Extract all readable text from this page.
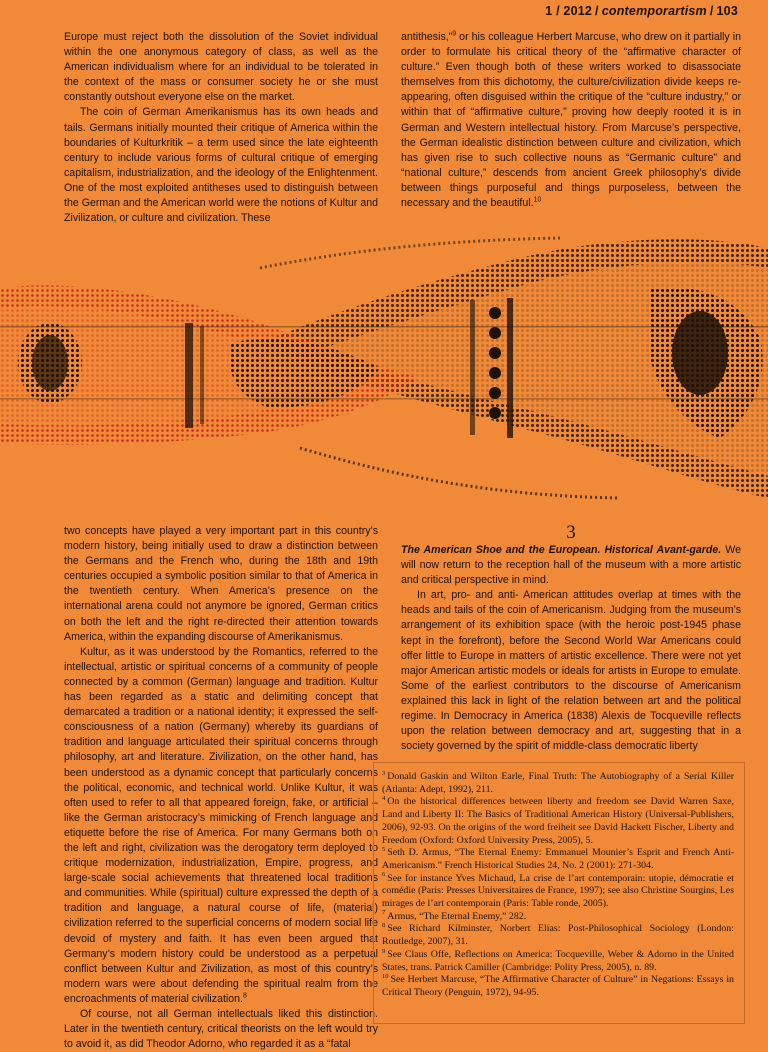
1 / 2012 / contemporartism / 103

Europe must reject both the dissolution of the Soviet individual within the one anonymous category of class, as well as the American individualism where for an individual to be tolerated in the context of the mass or consumer society he or she must constantly outshout everyone else on the market.

The coin of German Amerikanismus has its own heads and tails. Germans initially mounted their critique of America within the boundaries of Kulturkritik – a term used since the late eighteenth century to include various forms of cultural critique of emerging capitalism, industrialization, and the ideology of the Enlightenment. One of the most exploited antitheses used to distinguish between the German and the American world were the notions of Kultur and Zivilization, or culture and civilization. These

antithesis,”$^9$ or his colleague Herbert Marcuse, who drew on it partially in order to formulate his critical theory of the “affirmative character of culture.” Even though both of these writers worked to disassociate themselves from this dichotomy, the culture/civilization divide keeps re-appearing, often disguised within the critique of the “culture industry,” or within that of “affirmative culture,” proving how deeply rooted it is in German and Western intellectual history. From Marcuse’s perspective, the German idealistic distinction between culture and civilization, which has given rise to such collective nouns as “Germanic culture” and “national culture,” descends from ancient Greek philosophy’s divide between things purposeful and things purposeless, between the necessary and the beautiful.$^{10}$

two concepts have played a very important part in this country’s modern history, being initially used to draw a distinction between the Germans and the French who, during the 18th and 19th centuries occupied a symbolic position similar to that of America in the twentieth century. When America’s presence on the international arena could not anymore be ignored, German critics on both the left and the right re-directed their attention towards America, within the expanding discourse of Amerikanismus.

Kultur, as it was understood by the Romantics, referred to the intellectual, artistic or spiritual concerns of a community of people connected by a common (German) language and tradition. Kultur has been regarded as a static and delimiting concept that demarcated a tradition or a national identity; it expressed the self-consciousness of a nation (Germany) whereby its guardians of tradition and language articulated their spiritual concerns through philosophy, art and literature. Zivilization, on the other hand, has been understood as a dynamic concept that particularly concerns the political, economic, and technical world. Unlike Kultur, it was often used to refer to all that appeared foreign, fake, or artificial – like the German aristocracy’s mimicking of French language and etiquette before the rise of America. For many Germans both on the left and right, civilization was the derogatory term deployed to critique modernization, industrialization, Empire, progress, and large-scale social achievements that threatened local traditions and communities. While (spiritual) culture expressed the depth of a tradition and language, a natural course of life, (material) civilization referred to the superficial concerns of modern social life devoid of mystery and faith. It has even been argued that Germany’s modern history could be understood as a perpetual conflict between Kultur and Zivilization, as most of this country’s modern wars were about defending the spiritual realm from the encroachments of material civilization.$^8$

Of course, not all German intellectuals liked this distinction. Later in the twentieth century, critical theorists on the left would try to avoid it, as did Theodor Adorno, who regarded it as a “fatal

3

The American Shoe and the European. Historical Avant-garde. We will now return to the reception hall of the museum with a more artistic and critical perspective in mind.

In art, pro- and anti- American attitudes overlap at times with the heads and tails of the coin of Americanism. Judging from the museum’s arrangement of its exhibition space (with the heroic post-1945 phase kept in the forefront), before the Second World War Americans could offer little to Europe in matters of artistic excellence. There were not yet major American artistic models or ideals for artists in Europe to emulate. Some of the earliest contributors to the discourse of Americanism explained this lack in light of the relation between art and the political regime. In Democracy in America (1838) Alexis de Tocqueville reflects upon the relation between democracy and art, suggesting that in a society governed by the spirit of middle-class democratic liberty

$^3$ Donald Gaskin and Wilton Earle, Final Truth: The Autobiography of a Serial Killer (Atlanta: Adept, 1992), 211.

$^4$ On the historical differences between liberty and freedom see David Warren Saxe, Land and Liberty II: The Basics of Traditional American History (Universal-Publishers, 2006), 92-93. On the origins of the word freiheit see David Hackett Fischer, Liberty and Freedom (Oxford: Oxford University Press, 2005), 5.

$^5$ Seth D. Armus, “The Eternal Enemy: Emmanuel Mounier’s Esprit and French Anti-Americanism.” French Historical Studies 24, No. 2 (2001): 271-304.

$^6$ See for instance Yves Michaud, La crise de l’art contemporain: utopie, démocratie et comédie (Paris: Presses Universitaires de France, 1997); see also Christine Sourgins, Les mirages de l’art contemporain (Paris: Table ronde, 2005).

$^7$ Armus, “The Eternal Enemy,” 282.

$^8$ See Richard Kilminster, Norbert Elias: Post-Philosophical Sociology (London: Routledge, 2007), 31.

$^9$ See Claus Offe, Reflections on America: Tocqueville, Weber & Adorno in the United States, trans. Patrick Camiller (Cambridge: Polity Press, 2005), n. 89.

$^{10}$ See Herbert Marcuse, “The Affirmative Character of Culture” in Negations: Essays in Critical Theory (Penguin, 1972), 94-95.
